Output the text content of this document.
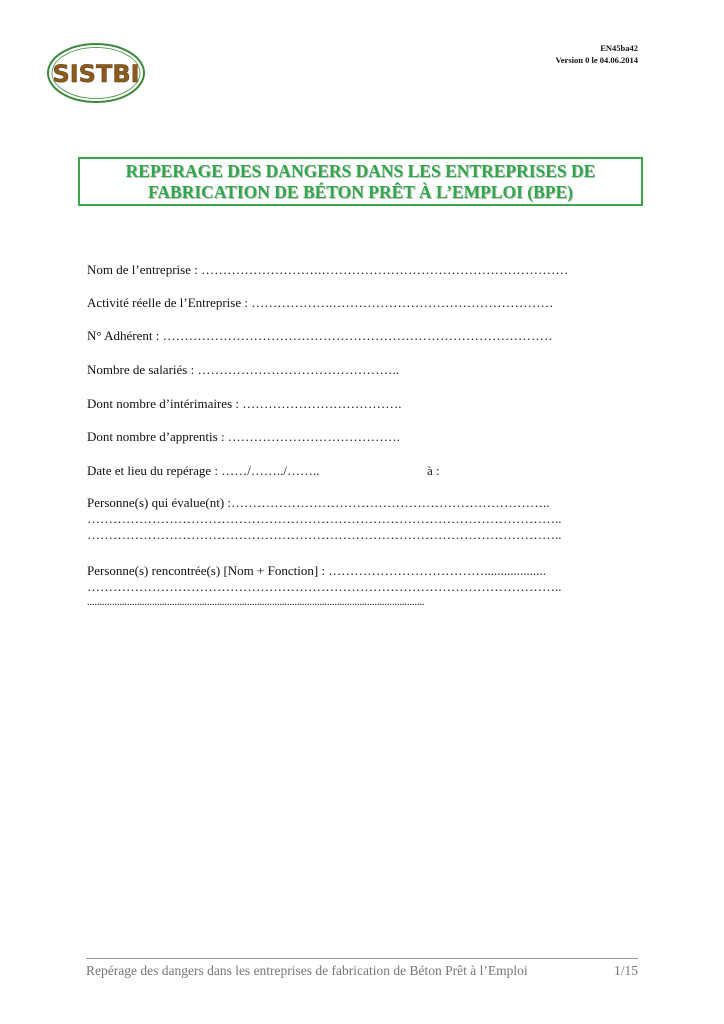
SISTBI
EN45ba42
Version 0 le 04.06.2014
REPERAGE DES DANGERS DANS LES ENTREPRISES DE
FABRICATION DE BÉTON PRÊT À L’EMPLOI (BPE)
Nom de l’entreprise : ……………………….…………………………………………………
Activité réelle de l’Entreprise : ……………….……………………………………………
N° Adhérent : ………………………………………………………………………………
Nombre de salariés : ………………………………………..
Dont nombre d’intérimaires : ……………………………….
Dont nombre d’apprentis : ………………………………….
Date et lieu du repérage : ……/……../……..	à :
Personne(s) qui évalue(nt) :………………………………………………………………..
………………………………………………………………………………………………..
………………………………………………………………………………………………..
Personne(s) rencontrée(s) [Nom + Fonction] : ………………………………...................
………………………………………………………………………………………………..
.......................................................................................................................................
Repérage des dangers dans les entreprises de fabrication de Béton Prêt à l’Emploi	1/15
